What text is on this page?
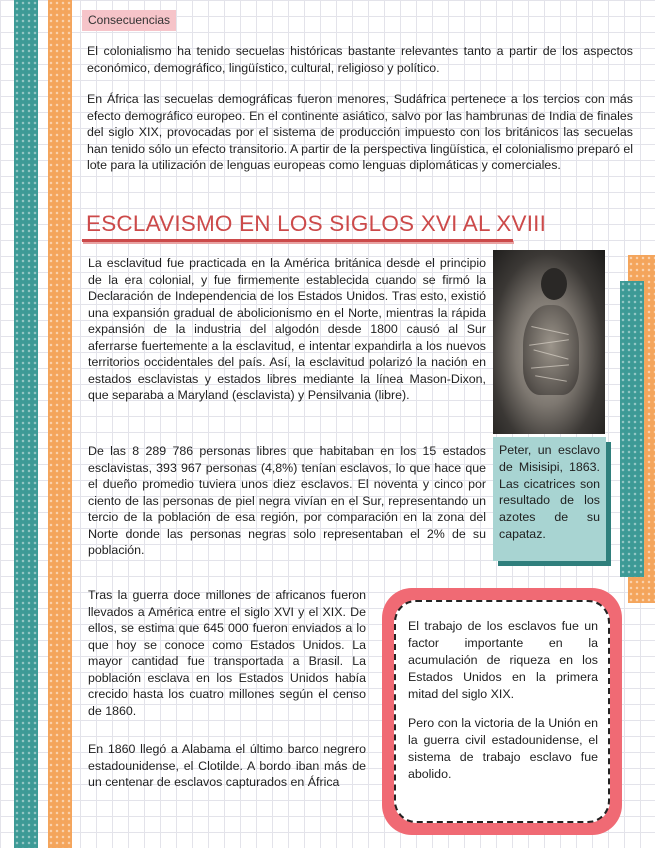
Consecuencias

El colonialismo ha tenido secuelas históricas bastante relevantes tanto a partir de los aspectos económico, demográfico, lingüístico, cultural, religioso y político.

En África las secuelas demográficas fueron menores, Sudáfrica pertenece a los tercios con más efecto demográfico europeo. En el continente asiático, salvo por las hambrunas de India de finales del siglo XIX, provocadas por el sistema de producción impuesto con los británicos las secuelas han tenido sólo un efecto transitorio. A partir de la perspectiva lingüística, el colonialismo preparó el lote para la utilización de lenguas europeas como lenguas diplomáticas y comerciales.

ESCLAVISMO EN LOS SIGLOS XVI AL XVIII

La esclavitud fue practicada en la América británica desde el principio de la era colonial, y fue firmemente establecida cuando se firmó la Declaración de Independencia de los Estados Unidos. Tras esto, existió una expansión gradual de abolicionismo en el Norte, mientras la rápida expansión de la industria del algodón desde 1800 causó al Sur aferrarse fuertemente a la esclavitud, e intentar expandirla a los nuevos territorios occidentales del país. Así, la esclavitud polarizó la nación en estados esclavistas y estados libres mediante la línea Mason-Dixon, que separaba a Maryland (esclavista) y Pensilvania (libre).

De las 8 289 786 personas libres que habitaban en los 15 estados esclavistas, 393 967 personas (4,8%) tenían esclavos, lo que hace que el dueño promedio tuviera unos diez esclavos. El noventa y cinco por ciento de las personas de piel negra vivían en el Sur, representando un tercio de la población de esa región, por comparación en la zona del Norte donde las personas negras solo representaban el 2% de su población.

Peter, un esclavo de Misisipi, 1863. Las cicatrices son resultado de los azotes de su capataz.

Tras la guerra doce millones de africanos fueron llevados a América entre el siglo XVI y el XIX. De ellos, se estima que 645 000 fueron enviados a lo que hoy se conoce como Estados Unidos. La mayor cantidad fue transportada a Brasil. La población esclava en los Estados Unidos había crecido hasta los cuatro millones según el censo de 1860.

En 1860 llegó a Alabama el último barco negrero estadounidense, el Clotilde. A bordo iban más de un centenar de esclavos capturados en África

El trabajo de los esclavos fue un factor importante en la acumulación de riqueza en los Estados Unidos en la primera mitad del siglo XIX.

Pero con la victoria de la Unión en la guerra civil estadounidense, el sistema de trabajo esclavo fue abolido.
